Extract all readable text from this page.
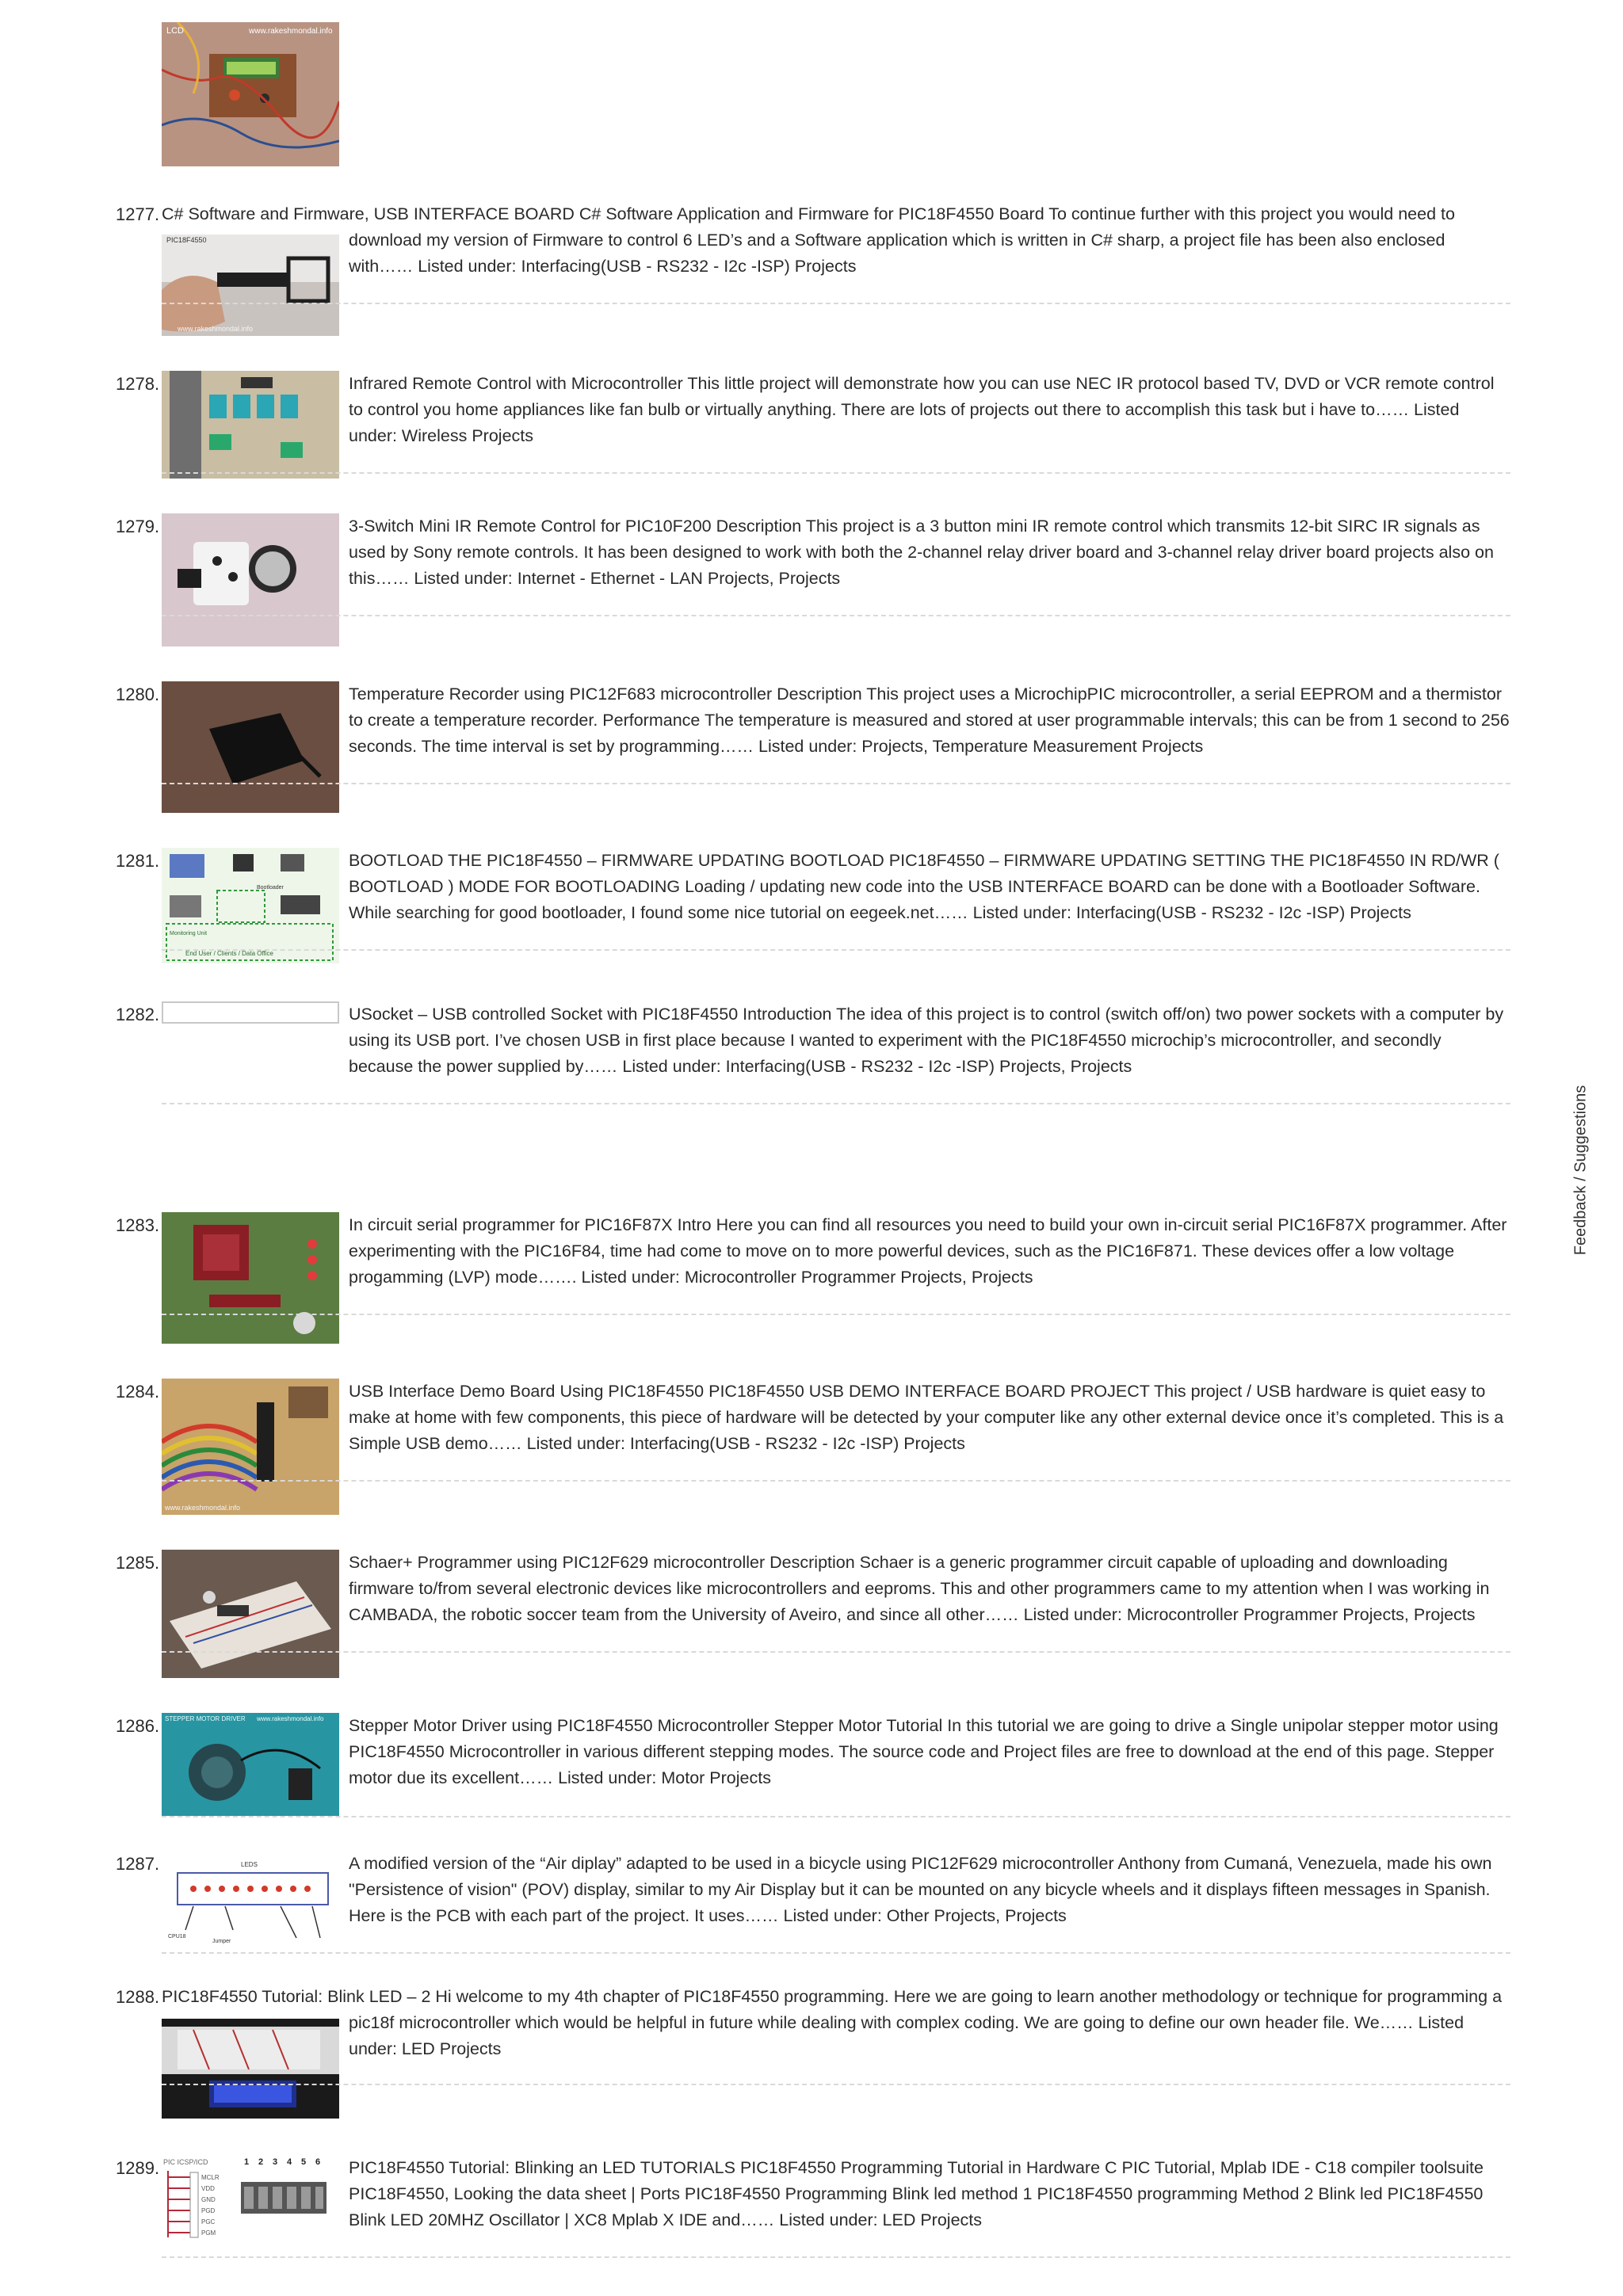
LCD	www.rakeshmondal.info
1277. C# Software and Firmware, USB INTERFACE BOARD C# Software Application and Firmware for PIC18F4550 Board To continue further with this project you would need to download my version of Firmware to control 6 LED’s and a Software application which is written in C# sharp, a project file has been also enclosed with…… Listed under: Interfacing(USB - RS232 - I2c -ISP) Projects
PIC18F4550
www.rakeshmondal.info
1278.	Infrared Remote Control with Microcontroller This little project will demonstrate how you can use NEC IR protocol based TV, DVD or VCR remote control to control you home appliances like fan bulb or virtually anything. There are lots of projects out there to accomplish this task but i have to…… Listed under: Wireless Projects
1279.	3-Switch Mini IR Remote Control for PIC10F200 Description This project is a 3 button mini IR remote control which transmits 12-bit SIRC IR signals as used by Sony remote controls. It has been designed to work with both the 2-channel relay driver board and 3-channel relay driver board projects also on this…… Listed under: Internet - Ethernet - LAN Projects, Projects
1280.	Temperature Recorder using PIC12F683 microcontroller Description This project uses a MicrochipPIC microcontroller, a serial EEPROM and a thermistor to create a temperature recorder. Performance The temperature is measured and stored at user programmable intervals; this can be from 1 second to 256 seconds. The time interval is set by programming…… Listed under: Projects, Temperature Measurement Projects
1281.
End User / Clients / Data Office
Monitoring Unit
Bootloader
BOOTLOAD THE PIC18F4550 – FIRMWARE UPDATING BOOTLOAD PIC18F4550 – FIRMWARE UPDATING SETTING THE PIC18F4550 IN RD/WR ( BOOTLOAD ) MODE FOR BOOTLOADING Loading / updating new code into the USB INTERFACE BOARD can be done with a Bootloader Software. While searching for good bootloader, I found some nice tutorial on eegeek.net…… Listed under: Interfacing(USB - RS232 - I2c -ISP) Projects
1282.	USocket – USB controlled Socket with PIC18F4550 Introduction The idea of this project is to control (switch off/on) two power sockets with a computer by using its USB port. I’ve chosen USB in first place because I wanted to experiment with the PIC18F4550 microchip’s microcontroller, and secondly because the power supplied by…… Listed under: Interfacing(USB - RS232 - I2c -ISP) Projects, Projects
1283.	In circuit serial programmer for PIC16F87X Intro Here you can find all resources you need to build your own in-circuit serial PIC16F87X programmer. After experimenting with the PIC16F84, time had come to move on to more powerful devices, such as the PIC16F871. These devices offer a low voltage progamming (LVP) mode……. Listed under: Microcontroller Programmer Projects, Projects
1284.
www.rakeshmondal.info
USB Interface Demo Board Using PIC18F4550 PIC18F4550 USB DEMO INTERFACE BOARD PROJECT This project / USB hardware is quiet easy to make at home with few components, this piece of hardware will be detected by your computer like any other external device once it’s completed. This is a Simple USB demo…… Listed under: Interfacing(USB - RS232 - I2c -ISP) Projects
1285.	Schaer+ Programmer using PIC12F629 microcontroller Description Schaer is a generic programmer circuit capable of uploading and downloading firmware to/from several electronic devices like microcontrollers and eeproms. This and other programmers came to my attention when I was working in CAMBADA, the robotic soccer team from the University of Aveiro, and since all other…… Listed under: Microcontroller Programmer Projects, Projects
1286. STEPPER MOTOR DRIVER www.rakeshmondal.info Stepper Motor Driver using PIC18F4550 Microcontroller Stepper Motor Tutorial In this tutorial we are going to drive a Single unipolar stepper motor using PIC18F4550 Microcontroller in various different stepping modes. The source code and Project files are free to download at the end of this page. Stepper motor due its excellent…… Listed under: Motor Projects
1287.	LEDS
CPU18
Jumper
A modified version of the “Air diplay” adapted to be used in a bicycle using PIC12F629 microcontroller Anthony from Cumaná, Venezuela, made his own "Persistence of vision" (POV) display, similar to my Air Display but it can be mounted on any bicycle wheels and it displays fifteen messages in Spanish. Here is the PCB with each part of the project. It uses…… Listed under: Other Projects, Projects
1288. PIC18F4550 Tutorial: Blink LED – 2 Hi welcome to my 4th chapter of PIC18F4550 programming. Here we are going to learn another methodology or technique for programming a pic18f microcontroller which would be helpful in future while dealing with complex coding. We are going to define our own header file. We…… Listed under: LED Projects
1289. PIC ICSP/ICD
MCLR
VDD
GND
PGD
PGC
PGM
1 2 3 4 5 6 PIC18F4550 Tutorial: Blinking an LED TUTORIALS PIC18F4550 Programming Tutorial in Hardware C PIC Tutorial, Mplab IDE - C18 compiler toolsuite PIC18F4550, Looking the data sheet | Ports PIC18F4550 Programming Blink led method 1 PIC18F4550 programming Method 2 Blink led PIC18F4550 Blink LED 20MHZ Oscillator | XC8 Mplab X IDE and…… Listed under: LED Projects
Feedback / Suggestions
